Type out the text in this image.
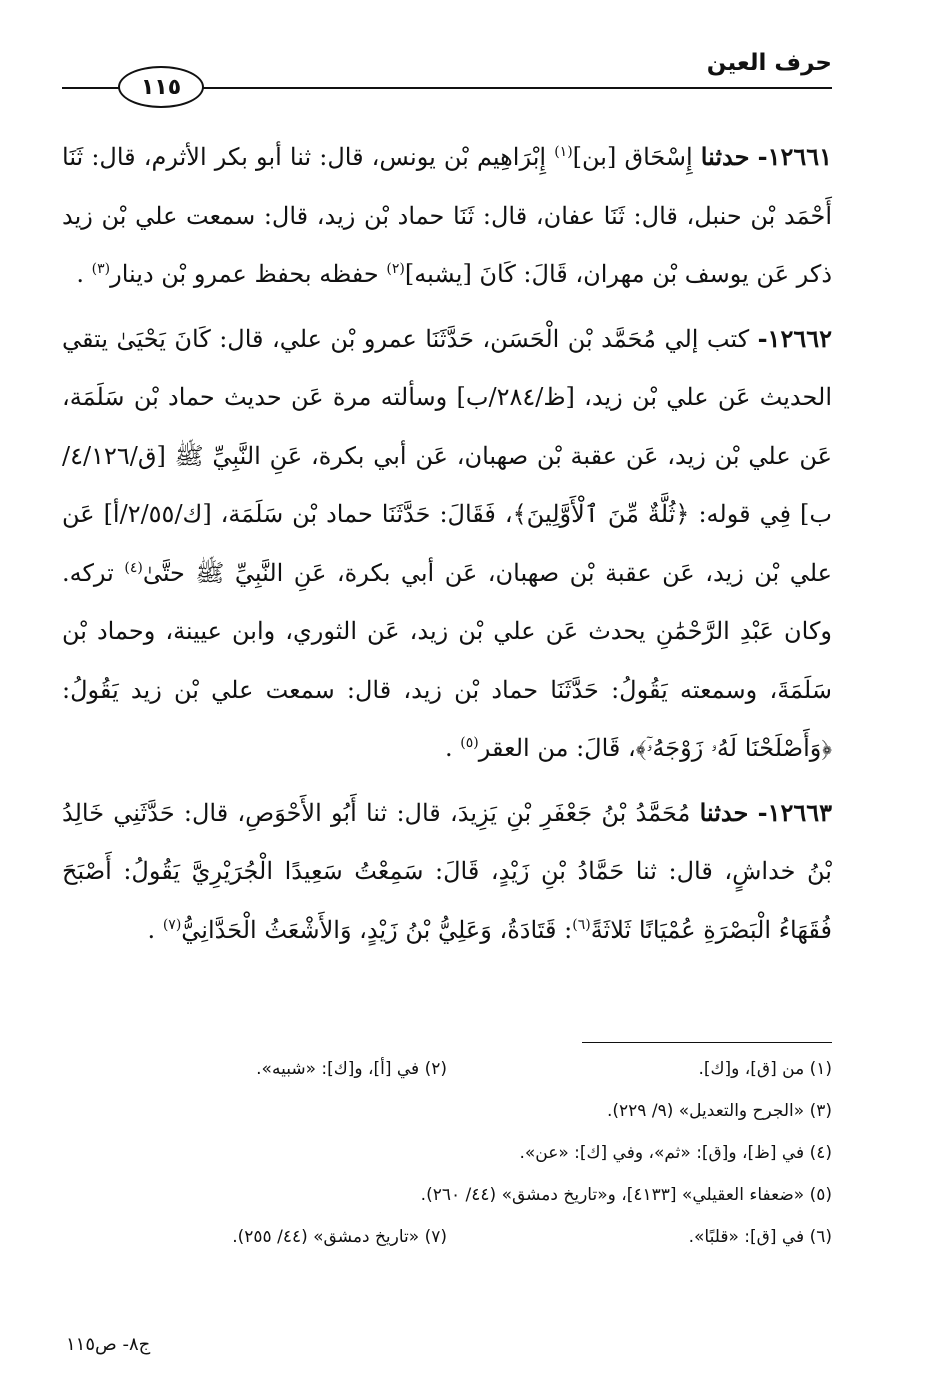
حرف العين
١١٥

١٢٦٦١- حدثنا إِسْحَاق [بن]$^{(١)}$ إِبْرَاهِيم بْن يونس، قال: ثنا أبو بكر الأثرم، قال: ثَنَا أَحْمَد بْن حنبل، قال: ثَنَا عفان، قال: ثَنَا حماد بْن زيد، قال: سمعت علي بْن زيد ذكر عَن يوسف بْن مهران، قَالَ: كَانَ [يشبه]$^{(٢)}$ حفظه بحفظ عمرو بْن دينار$^{(٣)}$ .

١٢٦٦٢- كتب إلي مُحَمَّد بْن الْحَسَن، حَدَّثَنَا عمرو بْن علي، قال: كَانَ يَحْيَىٰ يتقي الحديث عَن علي بْن زيد، [ظ/٢٨٤/ب] وسألته مرة عَن حديث حماد بْن سَلَمَة، عَن علي بْن زيد، عَن عقبة بْن صهبان، عَن أبي بكرة، عَنِ النَّبِيِّ ﷺ [ق/٤/١٢٦/ب] فِي قوله: ﴿ثُلَّةٌ مِّنَ ٱلْأَوَّلِينَ﴾، فَقَالَ: حَدَّثَنَا حماد بْن سَلَمَة، [ك/٢/٥٥/أ] عَن علي بْن زيد، عَن عقبة بْن صهبان، عَن أبي بكرة، عَنِ النَّبِيِّ ﷺ حتَّىٰ$^{(٤)}$ تركه. وكان عَبْدِ الرَّحْمَٰنِ يحدث عَن علي بْن زيد، عَن الثوري، وابن عيينة، وحماد بْن سَلَمَةَ، وسمعته يَقُولُ: حَدَّثَنَا حماد بْن زيد، قال: سمعت علي بْن زيد يَقُولُ: ﴿وَأَصْلَحْنَا لَهُۥ زَوْجَهُۥٓ﴾، قَالَ: من العقر$^{(٥)}$ .

١٢٦٦٣- حدثنا مُحَمَّدُ بْنُ جَعْفَرِ بْنِ يَزِيدَ، قال: ثنا أَبُو الأَحْوَصِ، قال: حَدَّثَنِي خَالِدُ بْنُ خداشٍ، قال: ثنا حَمَّادُ بْنِ زَيْدٍ، قَالَ: سَمِعْتُ سَعِيدًا الْجُرَيْرِيَّ يَقُولُ: أَصْبَحَ فُقَهَاءُ الْبَصْرَةِ عُمْيَانًا ثَلاثَةً$^{(٦)}$: قَتَادَةُ، وَعَلِيُّ بْنُ زَيْدٍ، وَالأَشْعَثُ الْحَدَّانِيُّ$^{(٧)}$ .

(١) من [ق]، و[ك].
(٢) في [أ]، و[ك]: «شبيه».
(٣) «الجرح والتعديل» (٩/ ٢٢٩).
(٤) في [ظ]، و[ق]: «ثم»، وفي [ك]: «عن».
(٥) «ضعفاء العقيلي» [٤١٣٣]، و«تاريخ دمشق» (٤٤/ ٢٦٠).
(٦) في [ق]: «قلبًا».
(٧) «تاريخ دمشق» (٤٤/ ٢٥٥).
ج٨- ص١١٥
